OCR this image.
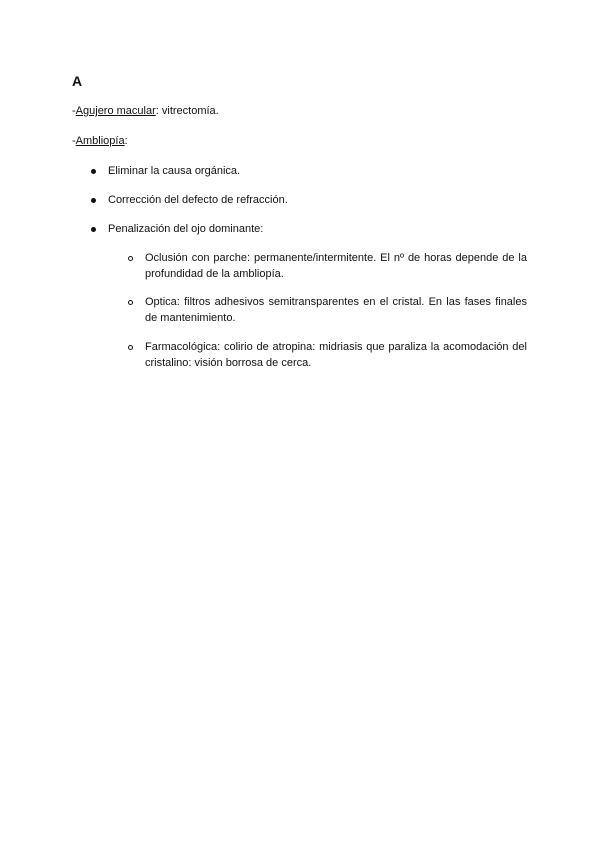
A
-Agujero macular: vitrectomía.
-Ambliopía:
Eliminar la causa orgánica.
Corrección del defecto de refracción.
Penalización del ojo dominante:
Oclusión con parche: permanente/intermitente. El nº de horas depende de la profundidad de la ambliopía.
Optica: filtros adhesivos semitransparentes en el cristal. En las fases finales de mantenimiento.
Farmacológica: colirio de atropina: midriasis que paraliza la acomodación del cristalino: visión borrosa de cerca.
